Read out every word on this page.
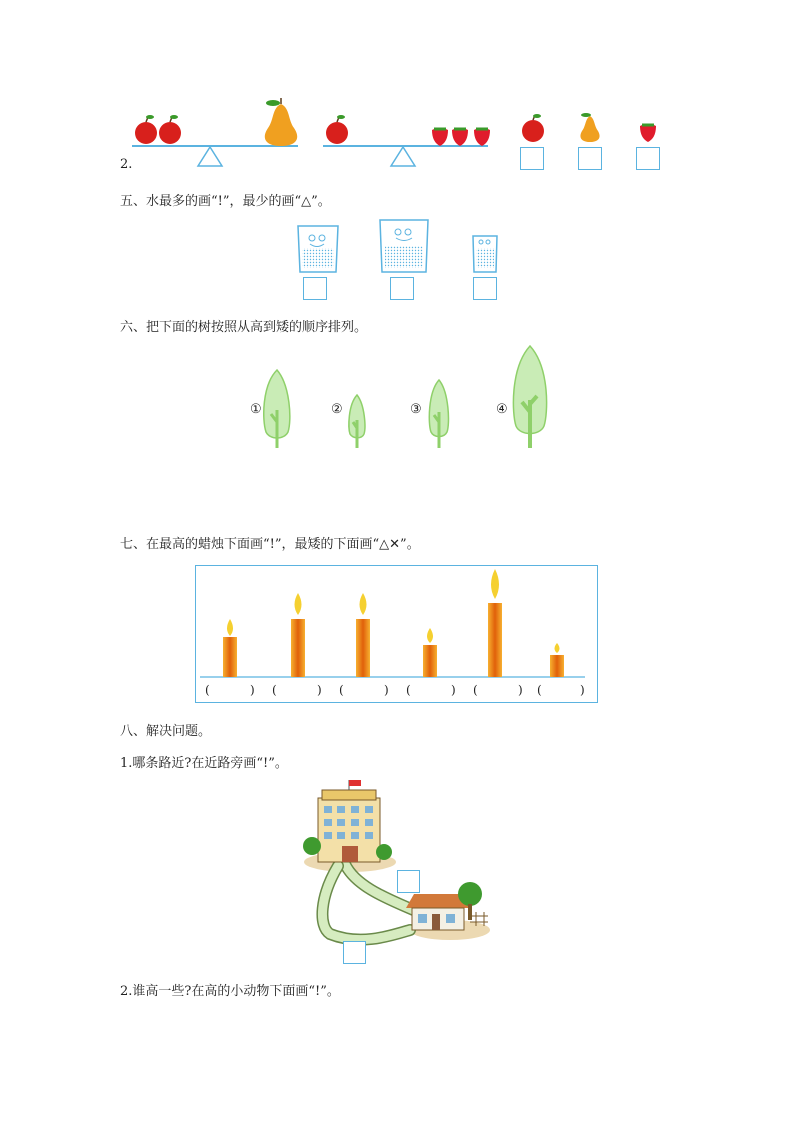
2.
五、水最多的画“!”，最少的画“△”。
六、把下面的树按照从高到矮的顺序排列。
①	②	③	④
七、在最高的蜡烛下面画“!”，最矮的下面画“△✕”。
(	) (	) (	) (	) (	) (	)
八、解决问题。
1.哪条路近?在近路旁画“!”。
2.谁高一些?在高的小动物下面画“!”。
